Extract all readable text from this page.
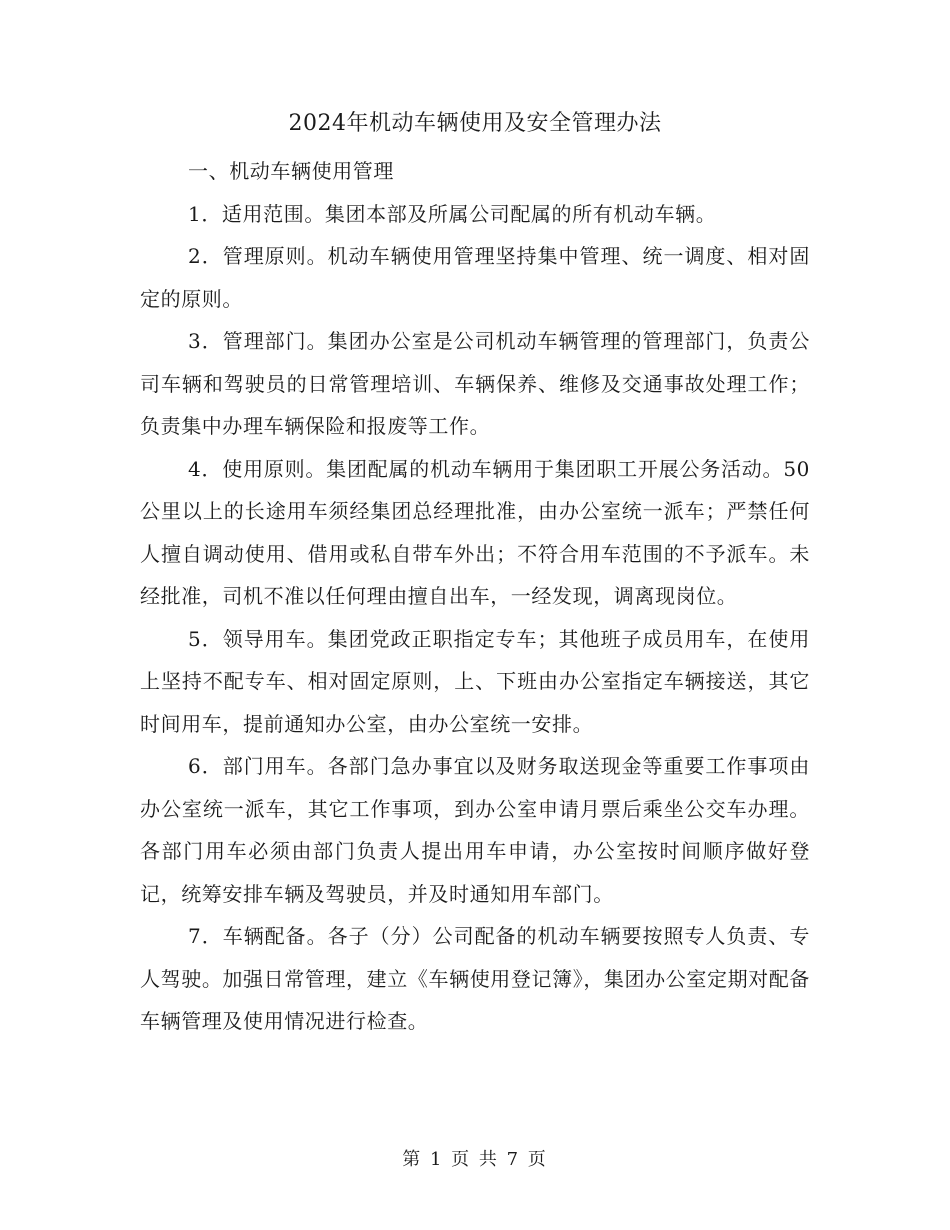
2024年机动车辆使用及安全管理办法

一、机动车辆使用管理

1．适用范围。集团本部及所属公司配属的所有机动车辆。

2．管理原则。机动车辆使用管理坚持集中管理、统一调度、相对固定的原则。

3．管理部门。集团办公室是公司机动车辆管理的管理部门，负责公司车辆和驾驶员的日常管理培训、车辆保养、维修及交通事故处理工作；负责集中办理车辆保险和报废等工作。

4．使用原则。集团配属的机动车辆用于集团职工开展公务活动。50公里以上的长途用车须经集团总经理批准，由办公室统一派车；严禁任何人擅自调动使用、借用或私自带车外出；不符合用车范围的不予派车。未经批准，司机不准以任何理由擅自出车，一经发现，调离现岗位。

5．领导用车。集团党政正职指定专车；其他班子成员用车，在使用上坚持不配专车、相对固定原则，上、下班由办公室指定车辆接送，其它时间用车，提前通知办公室，由办公室统一安排。

6．部门用车。各部门急办事宜以及财务取送现金等重要工作事项由办公室统一派车，其它工作事项，到办公室申请月票后乘坐公交车办理。各部门用车必须由部门负责人提出用车申请，办公室按时间顺序做好登记，统筹安排车辆及驾驶员，并及时通知用车部门。

7．车辆配备。各子（分）公司配备的机动车辆要按照专人负责、专人驾驶。加强日常管理，建立《车辆使用登记簿》，集团办公室定期对配备车辆管理及使用情况进行检查。

第 1 页 共 7 页
